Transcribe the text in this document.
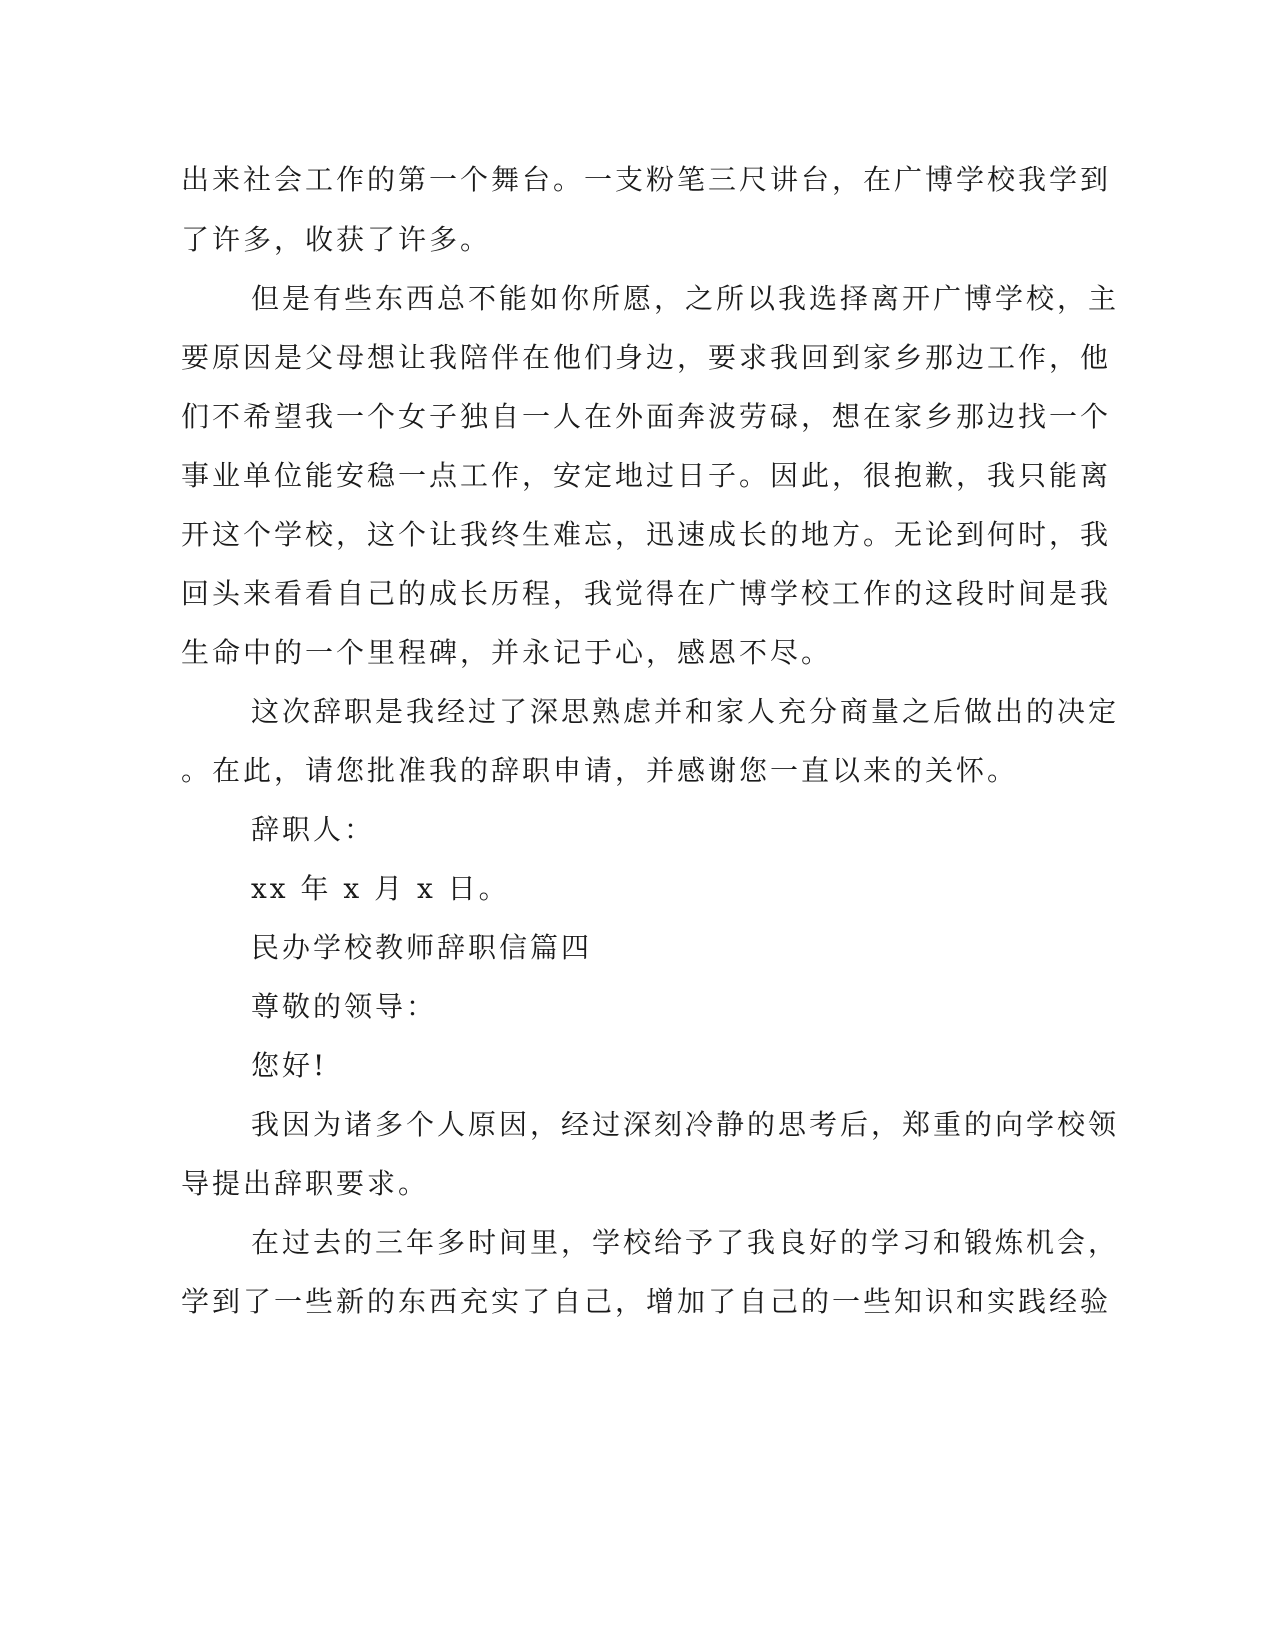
出来社会工作的第一个舞台。一支粉笔三尺讲台，在广博学校我学到

了许多，收获了许多。

但是有些东西总不能如你所愿，之所以我选择离开广博学校，主

要原因是父母想让我陪伴在他们身边，要求我回到家乡那边工作，他

们不希望我一个女子独自一人在外面奔波劳碌，想在家乡那边找一个

事业单位能安稳一点工作，安定地过日子。因此，很抱歉，我只能离

开这个学校，这个让我终生难忘，迅速成长的地方。无论到何时，我

回头来看看自己的成长历程，我觉得在广博学校工作的这段时间是我

生命中的一个里程碑，并永记于心，感恩不尽。

这次辞职是我经过了深思熟虑并和家人充分商量之后做出的决定

。在此，请您批准我的辞职申请，并感谢您一直以来的关怀。

辞职人：

xx 年 x 月 x 日。

民办学校教师辞职信篇四

尊敬的领导：

您好!

我因为诸多个人原因，经过深刻冷静的思考后，郑重的向学校领

导提出辞职要求。

在过去的三年多时间里，学校给予了我良好的学习和锻炼机会，

学到了一些新的东西充实了自己，增加了自己的一些知识和实践经验
